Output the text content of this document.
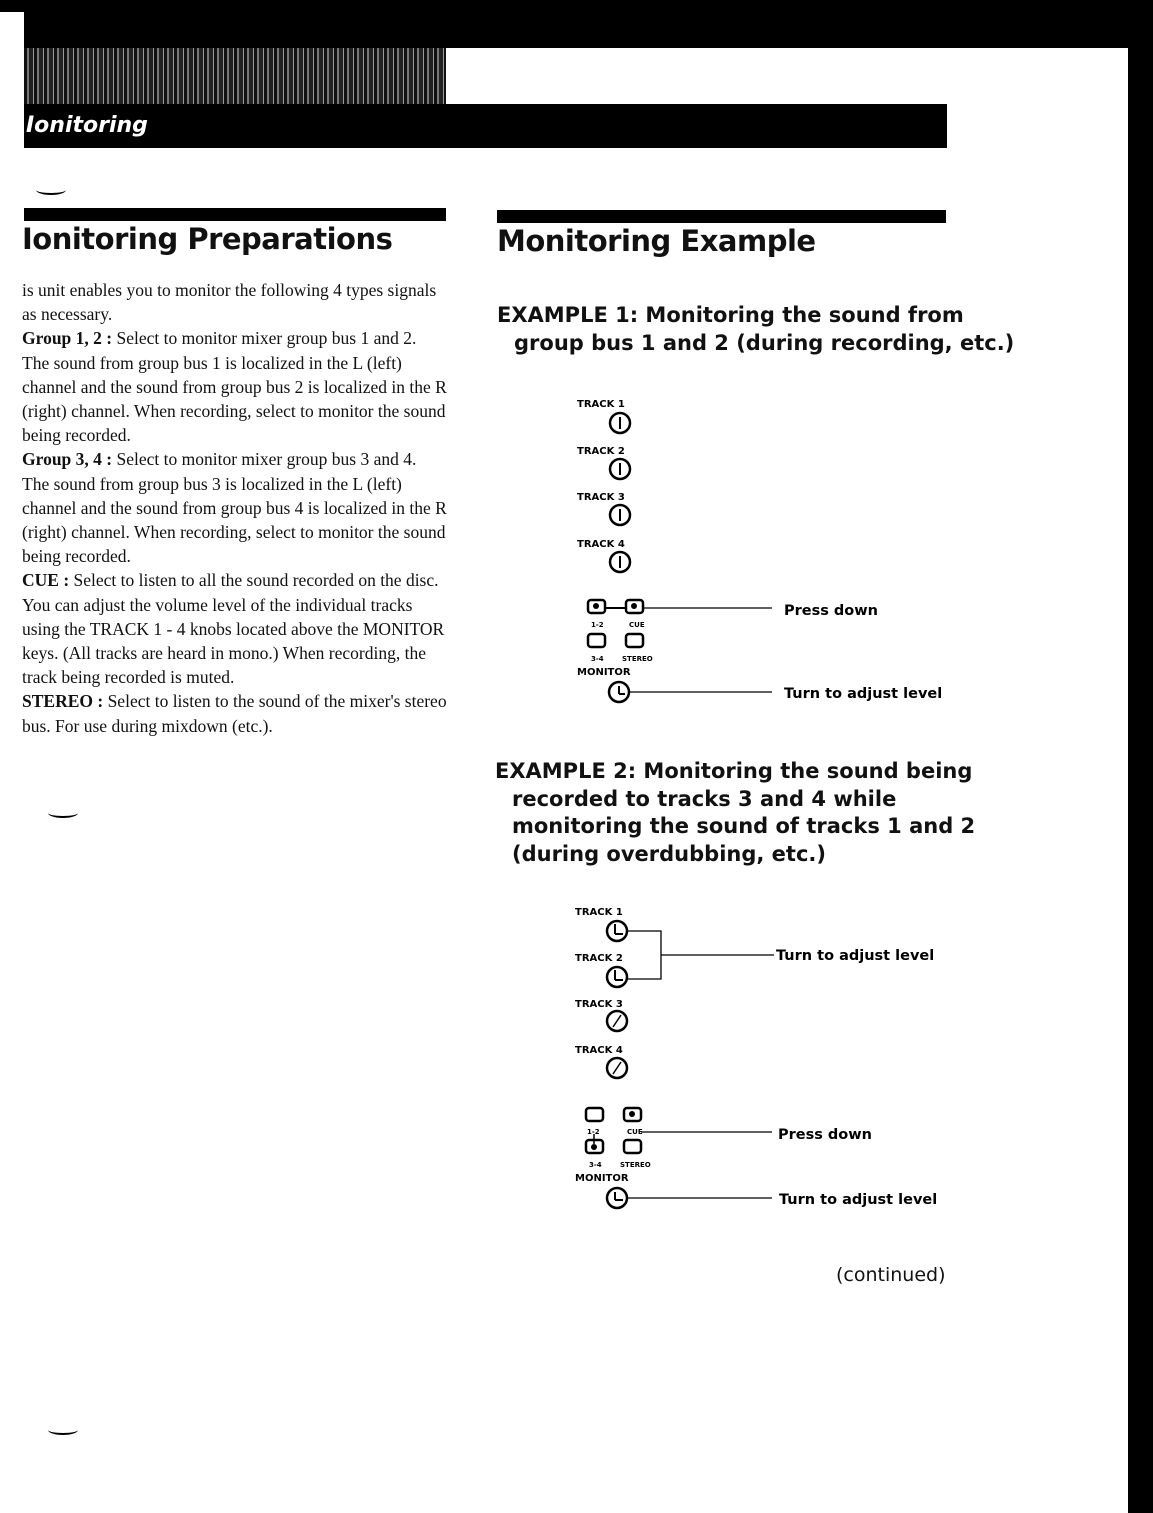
Ionitoring
Ionitoring Preparations
is unit enables you to monitor the following 4 types signals as necessary.
Group 1, 2 : Select to monitor mixer group bus 1 and 2. The sound from group bus 1 is localized in the L (left) channel and the sound from group bus 2 is localized in the R (right) channel. When recording, select to monitor the sound being recorded.
Group 3, 4 : Select to monitor mixer group bus 3 and 4. The sound from group bus 3 is localized in the L (left) channel and the sound from group bus 4 is localized in the R (right) channel. When recording, select to monitor the sound being recorded.
CUE : Select to listen to all the sound recorded on the disc. You can adjust the volume level of the individual tracks using the TRACK 1 - 4 knobs located above the MONITOR keys. (All tracks are heard in mono.) When recording, the track being recorded is muted.
STEREO : Select to listen to the sound of the mixer's stereo bus. For use during mixdown (etc.).
Monitoring Example
EXAMPLE 1: Monitoring the sound from
group bus 1 and 2 (during recording, etc.)
TRACK 1
TRACK 2
TRACK 3
TRACK 4
1-2	CUE
3-4	STEREO
MONITOR
Press down
Turn to adjust level
EXAMPLE 2: Monitoring the sound being
recorded to tracks 3 and 4 while
monitoring the sound of tracks 1 and 2
(during overdubbing, etc.)
TRACK 1
TRACK 2
TRACK 3
TRACK 4
1-2	CUE
3-4	STEREO
MONITOR
Turn to adjust level
Press down
Turn to adjust level
(continued)
